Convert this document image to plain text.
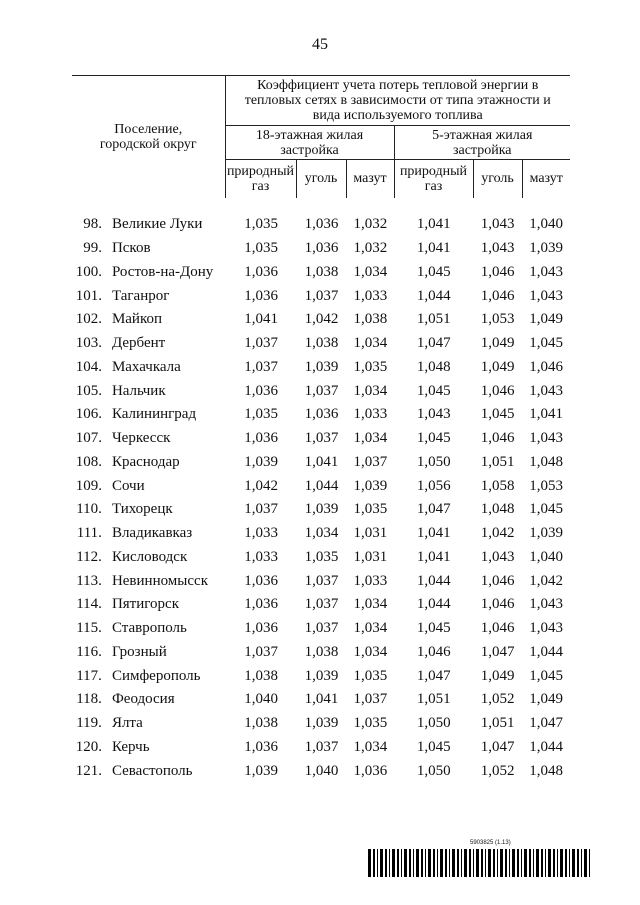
45
Поселение, городской округ	Коэффициент учета потерь тепловой энергии в тепловых сетях в зависимости от типа этажности и вида используемого топлива					
	18-этажная жилая застройка			5-этажная жилая застройка		
	природный газ	уголь	мазут	природный газ	уголь	мазут
98. Великие Луки	1,035	1,036	1,032	1,041	1,043 1,040
99. Псков	1,035	1,036	1,032	1,041	1,043 1,039
100. Ростов-на-Дону	1,036	1,038	1,034	1,045	1,046 1,043
101. Таганрог	1,036	1,037	1,033	1,044	1,046 1,043
102. Майкоп	1,041	1,042	1,038	1,051	1,053 1,049
103. Дербент	1,037	1,038	1,034	1,047	1,049 1,045
104. Махачкала	1,037	1,039	1,035	1,048	1,049 1,046
105. Нальчик	1,036	1,037	1,034	1,045	1,046 1,043
106. Калининград	1,035	1,036	1,033	1,043	1,045 1,041
107. Черкесск	1,036	1,037	1,034	1,045	1,046 1,043
108. Краснодар	1,039	1,041	1,037	1,050	1,051 1,048
109. Сочи	1,042	1,044	1,039	1,056	1,058 1,053
110. Тихорецк	1,037	1,039	1,035	1,047	1,048 1,045
111. Владикавказ	1,033	1,034	1,031	1,041	1,042 1,039
112. Кисловодск	1,033	1,035	1,031	1,041	1,043 1,040
113. Невинномысск	1,036	1,037	1,033	1,044	1,046 1,042
114. Пятигорск	1,036	1,037	1,034	1,044	1,046 1,043
115. Ставрополь	1,036	1,037	1,034	1,045	1,046 1,043
116. Грозный	1,037	1,038	1,034	1,046	1,047 1,044
117. Симферополь	1,038	1,039	1,035	1,047	1,049 1,045
118. Феодосия	1,040	1,041	1,037	1,051	1,052 1,049
119. Ялта	1,038	1,039	1,035	1,050	1,051 1,047
120. Керчь	1,036	1,037	1,034	1,045	1,047 1,044
121. Севастополь	1,039	1,040	1,036	1,050	1,052 1,048
5903825 (1.13)
